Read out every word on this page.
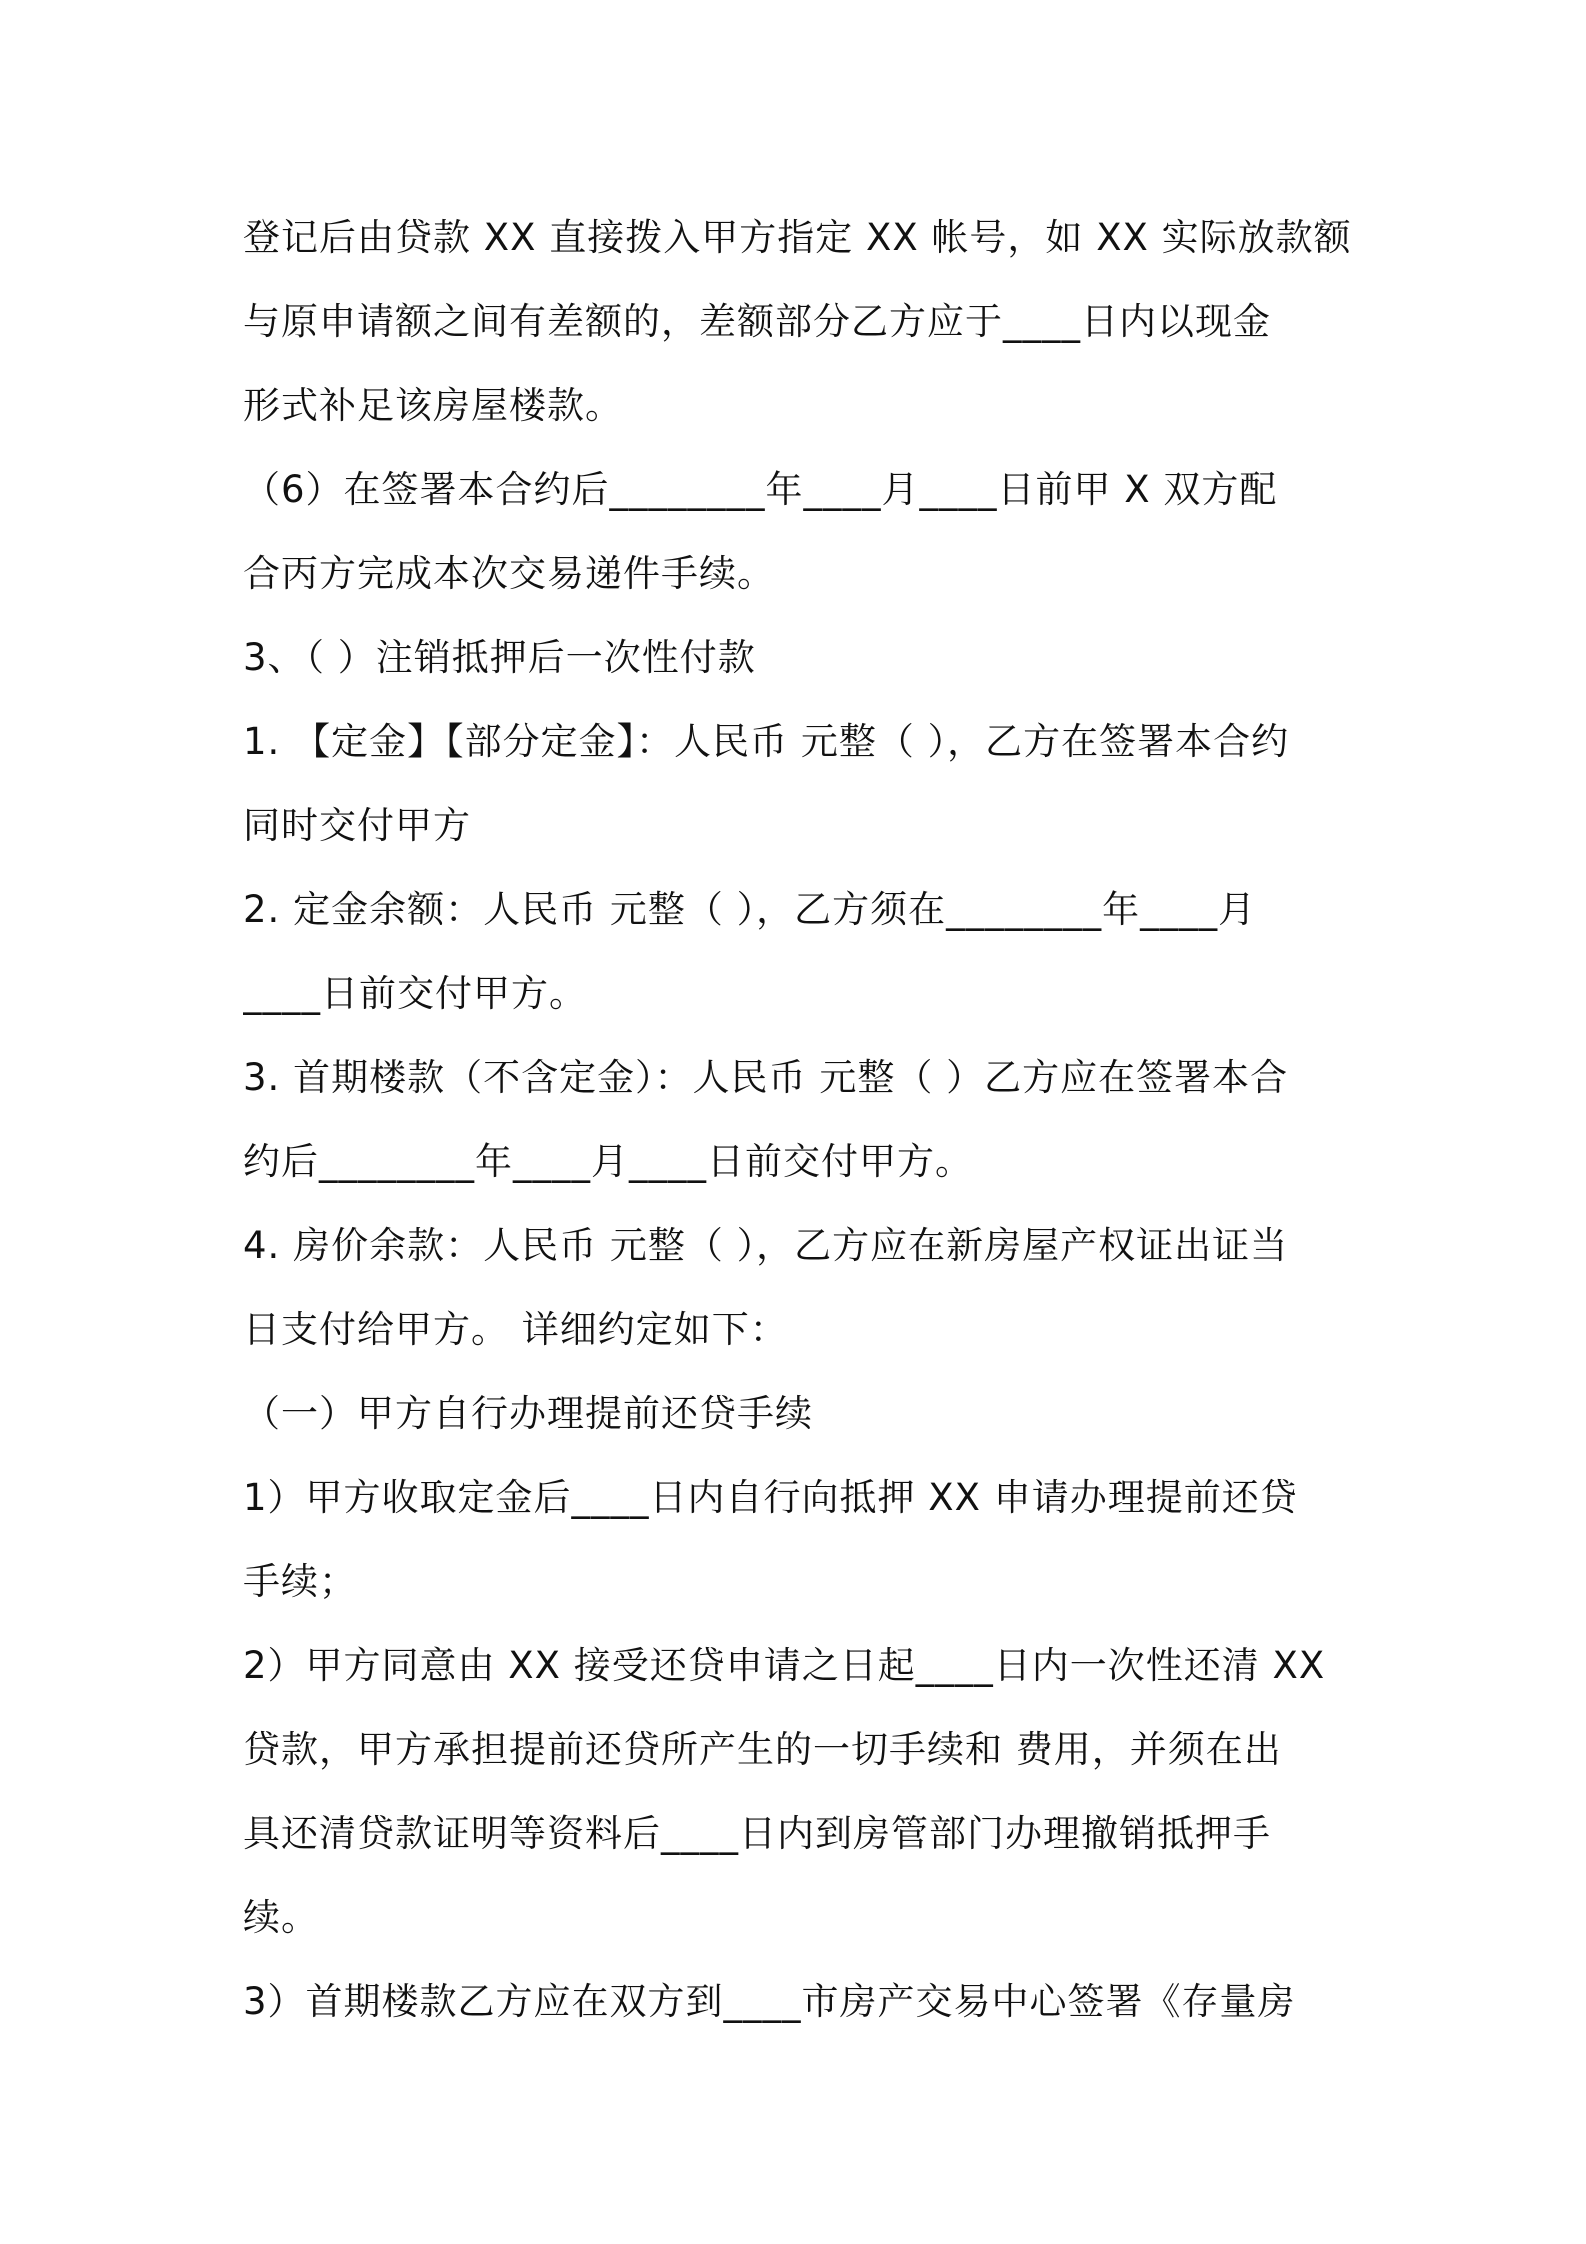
登记后由贷款 XX 直接拨入甲方指定 XX 帐号，如 XX 实际放款额
与原申请额之间有差额的，差额部分乙方应于____日内以现金
形式补足该房屋楼款。
（6）在签署本合约后________年____月____日前甲 X 双方配
合丙方完成本次交易递件手续。
3、（ ）注销抵押后一次性付款
1. 【定金】【部分定金】：人民币 元整（ ），乙方在签署本合约
同时交付甲方
2. 定金余额：人民币 元整（ ），乙方须在________年____月
____日前交付甲方。
3. 首期楼款（不含定金）：人民币 元整（ ）乙方应在签署本合
约后________年____月____日前交付甲方。
4. 房价余款：人民币 元整（ ），乙方应在新房屋产权证出证当
日支付给甲方。 详细约定如下：
（一）甲方自行办理提前还贷手续
1）甲方收取定金后____日内自行向抵押 XX 申请办理提前还贷
手续；
2）甲方同意由 XX 接受还贷申请之日起____日内一次性还清 XX
贷款，甲方承担提前还贷所产生的一切手续和 费用，并须在出
具还清贷款证明等资料后____日内到房管部门办理撤销抵押手
续。
3）首期楼款乙方应在双方到____市房产交易中心签署《存量房
